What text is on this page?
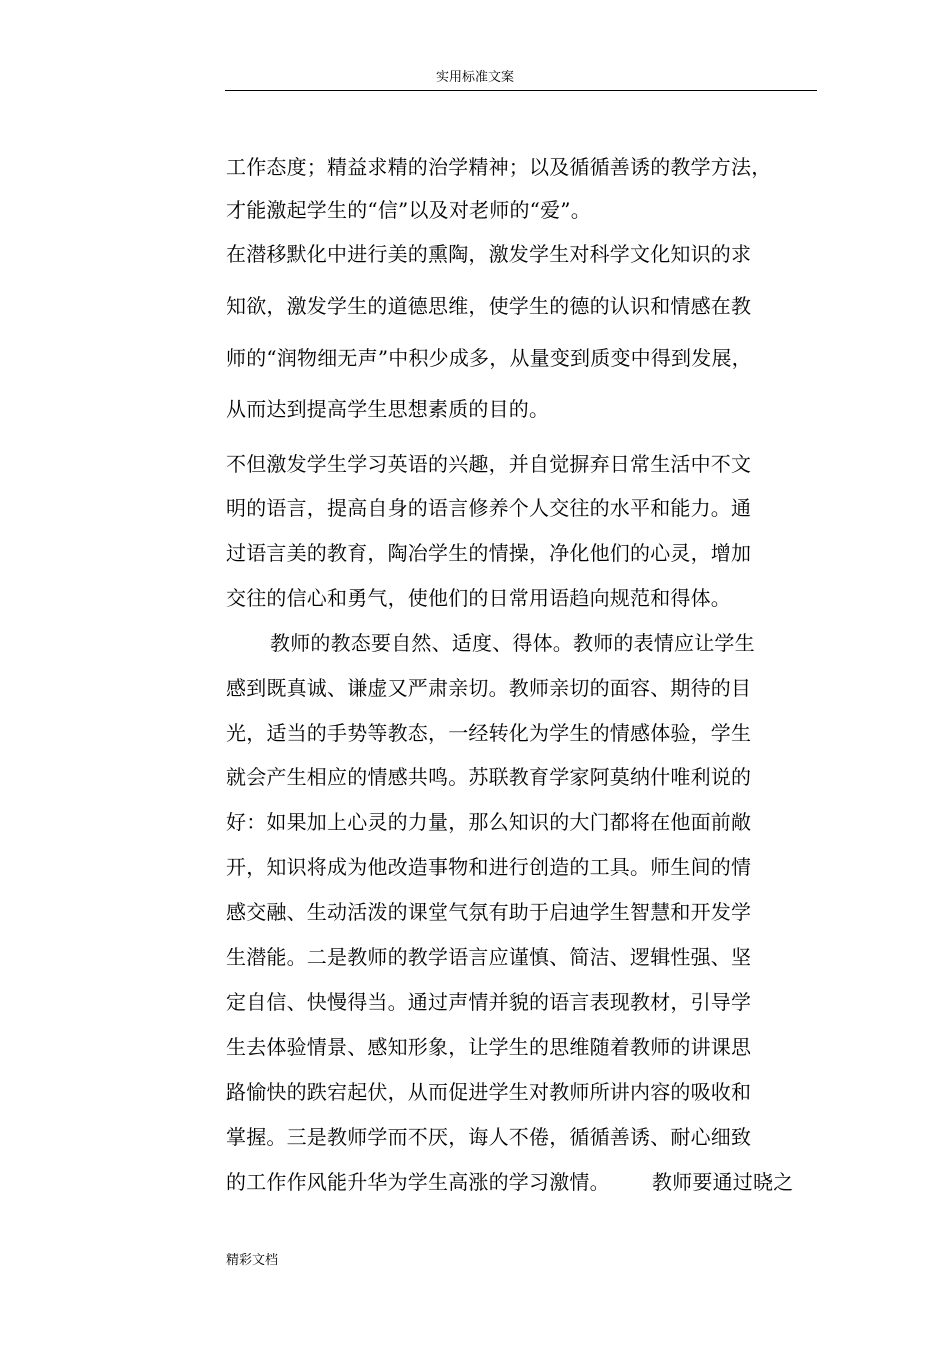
实用标准文案
工作态度；精益求精的治学精神；以及循循善诱的教学方法，
才能激起学生的“信”以及对老师的“爱”。
在潜移默化中进行美的熏陶，激发学生对科学文化知识的求
知欲，激发学生的道德思维，使学生的德的认识和情感在教
师的“润物细无声”中积少成多，从量变到质变中得到发展，
从而达到提高学生思想素质的目的。
不但激发学生学习英语的兴趣，并自觉摒弃日常生活中不文
明的语言，提高自身的语言修养个人交往的水平和能力。通
过语言美的教育，陶冶学生的情操，净化他们的心灵，增加
交往的信心和勇气，使他们的日常用语趋向规范和得体。
教师的教态要自然、适度、得体。教师的表情应让学生
感到既真诚、谦虚又严肃亲切。教师亲切的面容、期待的目
光，适当的手势等教态，一经转化为学生的情感体验，学生
就会产生相应的情感共鸣。苏联教育学家阿莫纳什唯利说的
好：如果加上心灵的力量，那么知识的大门都将在他面前敞
开，知识将成为他改造事物和进行创造的工具。师生间的情
感交融、生动活泼的课堂气氛有助于启迪学生智慧和开发学
生潜能。二是教师的教学语言应谨慎、简洁、逻辑性强、坚
定自信、快慢得当。通过声情并貌的语言表现教材，引导学
生去体验情景、感知形象，让学生的思维随着教师的讲课思
路愉快的跌宕起伏，从而促进学生对教师所讲内容的吸收和
掌握。三是教师学而不厌，诲人不倦，循循善诱、耐心细致
的工作作风能升华为学生高涨的学习激情。 教师要通过晓之
精彩文档
